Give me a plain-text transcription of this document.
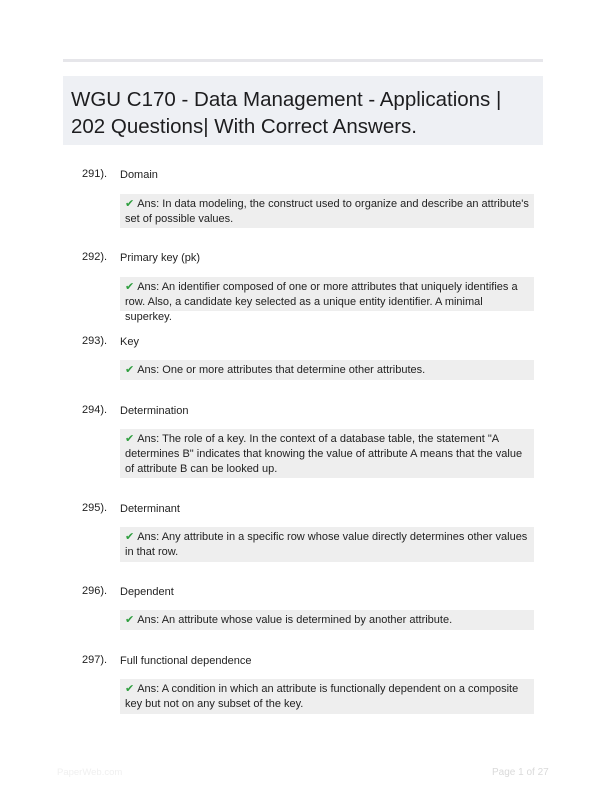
WGU C170 - Data Management - Applications | 202 Questions| With Correct Answers.
291). Domain
✔ Ans: In data modeling, the construct used to organize and describe an attribute's set of possible values.
292). Primary key (pk)
✔ Ans: An identifier composed of one or more attributes that uniquely identifies a row. Also, a candidate key selected as a unique entity identifier. A minimal superkey.
293). Key
✔ Ans: One or more attributes that determine other attributes.
294). Determination
✔ Ans: The role of a key. In the context of a database table, the statement "A determines B" indicates that knowing the value of attribute A means that the value of attribute B can be looked up.
295). Determinant
✔ Ans: Any attribute in a specific row whose value directly determines other values in that row.
296). Dependent
✔ Ans: An attribute whose value is determined by another attribute.
297). Full functional dependence
✔ Ans: A condition in which an attribute is functionally dependent on a composite key but not on any subset of the key.
PaperWeb.com	Page 1 of 27
